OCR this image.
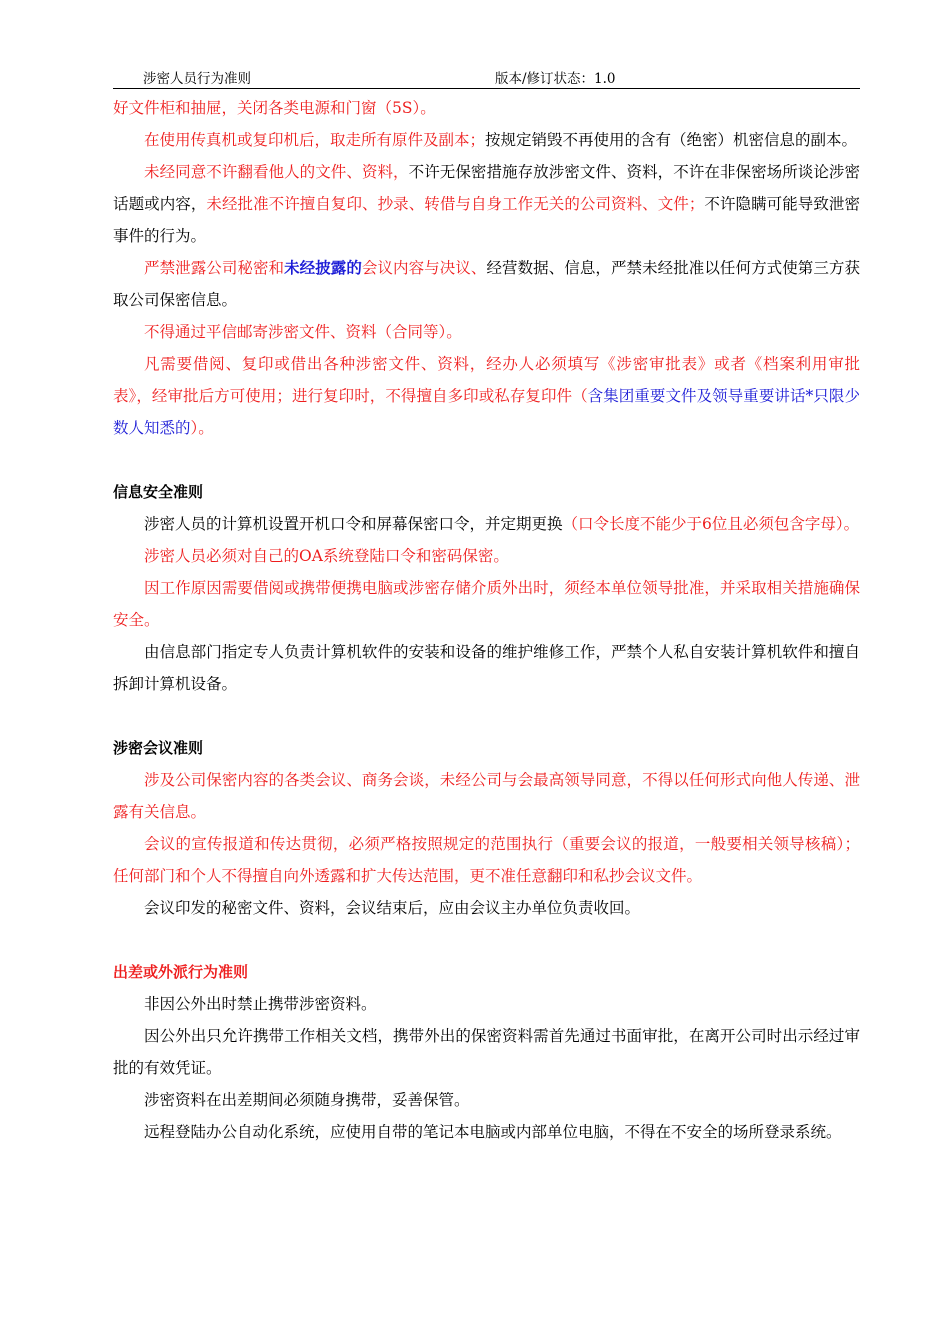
涉密人员行为准则	版本/修订状态：1.0

好文件柜和抽屉，关闭各类电源和门窗（5S）。

在使用传真机或复印机后，取走所有原件及副本；按规定销毁不再使用的含有（绝密）机密信息的副本。

未经同意不许翻看他人的文件、资料，不许无保密措施存放涉密文件、资料，不许在非保密场所谈论涉密话题或内容，未经批准不许擅自复印、抄录、转借与自身工作无关的公司资料、文件；不许隐瞒可能导致泄密事件的行为。

严禁泄露公司秘密和未经披露的会议内容与决议、经营数据、信息，严禁未经批准以任何方式使第三方获取公司保密信息。

不得通过平信邮寄涉密文件、资料（合同等）。

凡需要借阅、复印或借出各种涉密文件、资料，经办人必须填写《涉密审批表》或者《档案利用审批表》，经审批后方可使用；进行复印时，不得擅自多印或私存复印件（含集团重要文件及领导重要讲话*只限少数人知悉的）。

信息安全准则

涉密人员的计算机设置开机口令和屏幕保密口令，并定期更换（口令长度不能少于6位且必须包含字母）。

涉密人员必须对自己的OA系统登陆口令和密码保密。

因工作原因需要借阅或携带便携电脑或涉密存储介质外出时，须经本单位领导批准，并采取相关措施确保安全。

由信息部门指定专人负责计算机软件的安装和设备的维护维修工作，严禁个人私自安装计算机软件和擅自拆卸计算机设备。

涉密会议准则

涉及公司保密内容的各类会议、商务会谈，未经公司与会最高领导同意，不得以任何形式向他人传递、泄露有关信息。

会议的宣传报道和传达贯彻，必须严格按照规定的范围执行（重要会议的报道，一般要相关领导核稿）；任何部门和个人不得擅自向外透露和扩大传达范围，更不准任意翻印和私抄会议文件。

会议印发的秘密文件、资料，会议结束后，应由会议主办单位负责收回。

出差或外派行为准则

非因公外出时禁止携带涉密资料。

因公外出只允许携带工作相关文档，携带外出的保密资料需首先通过书面审批，在离开公司时出示经过审批的有效凭证。

涉密资料在出差期间必须随身携带，妥善保管。

远程登陆办公自动化系统，应使用自带的笔记本电脑或内部单位电脑，不得在不安全的场所登录系统。
